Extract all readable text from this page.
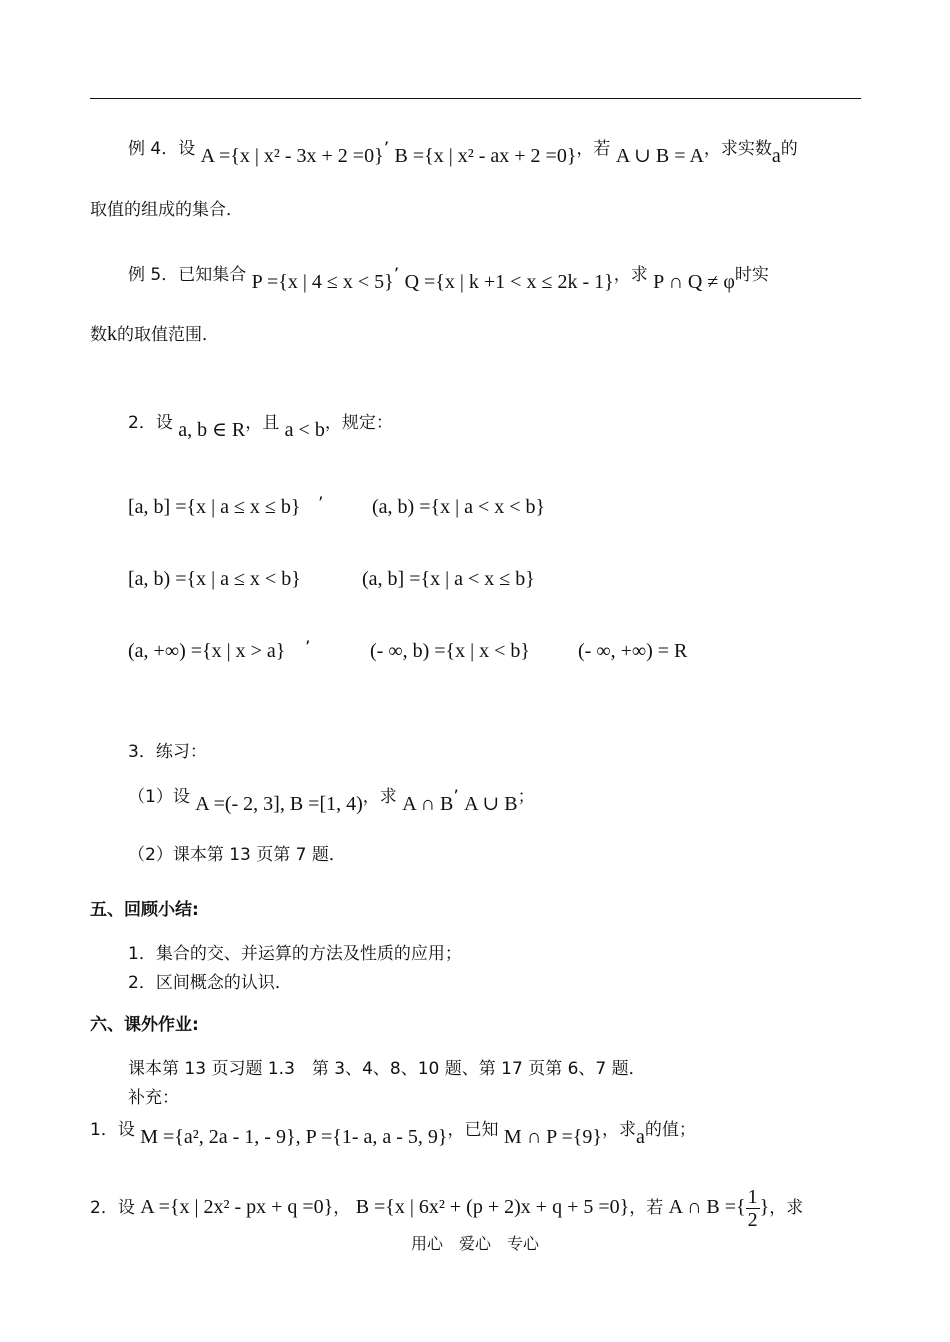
例 4．设 A ={x | x² - 3x + 2 =0}’ B ={x | x² - ax + 2 =0}，若 A ∪ B = A，求实数a的
取值的组成的集合．
例 5．已知集合 P ={x | 4 ≤ x < 5}’ Q ={x | k +1 < x ≤ 2k - 1}，求 P ∩ Q ≠ φ时实
数k的取值范围．
2．设 a, b ∈ R，且 a < b，规定：
[a, b] ={x | a ≤ x ≤ b} ’ (a, b) ={x | a < x < b}
[a, b) ={x | a ≤ x < b}	(a, b] ={x | a < x ≤ b}
(a, +∞) ={x | x > a} ’	(- ∞, b) ={x | x < b} (- ∞, +∞) = R
3．练习：
（1）设 A =(- 2, 3], B =[1, 4)，求 A ∩ B’ A ∪ B；
（2）课本第 13 页第 7 题．
五、回顾小结:
1．集合的交、并运算的方法及性质的应用；
2．区间概念的认识．
六、课外作业:
课本第 13 页习题 1.3　第 3、4、8、10 题、第 17 页第 6、7 题．
补充：
1．设 M ={a², 2a - 1, - 9}, P ={1- a, a - 5, 9}，已知 M ∩ P ={9}，求a的值；
2．设 A ={x | 2x² - px + q =0}， B ={x | 6x² + (p + 2)x + q + 5 =0}，若 A ∩ B ={ $\frac{1}{2}$ }，求
用心　爱心　专心
